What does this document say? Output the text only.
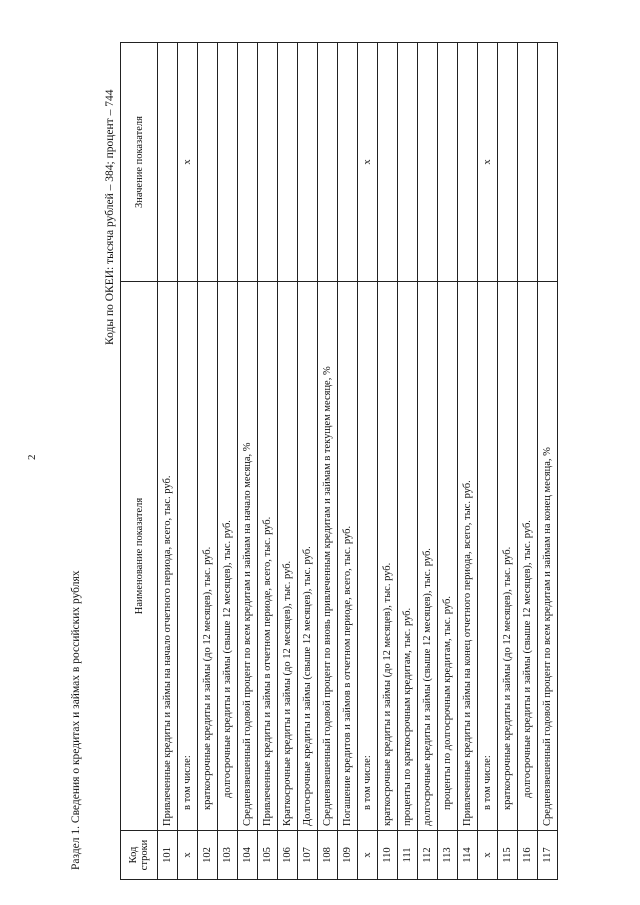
2
Раздел 1. Сведения о кредитах и займах в российских рублях
Коды по ОКЕИ: тысяча рублей – 384; процент – 744
Код строки	Наименование показателя	Значение показателя
101	Привлеченные кредиты и займы на начало отчетного периода, всего, тыс. руб.	
х	в том числе:	х
102	краткосрочные кредиты и займы (до 12 месяцев), тыс. руб.	
103	долгосрочные кредиты и займы (свыше 12 месяцев), тыс. руб.	
104	Средневзвешенный годовой процент по всем кредитам и займам на начало месяца, %	
105	Привлеченные кредиты и займы в отчетном периоде, всего, тыс. руб.	
106	Краткосрочные кредиты и займы (до 12 месяцев), тыс. руб.	
107	Долгосрочные кредиты и займы (свыше 12 месяцев), тыс. руб.	
108	Средневзвешенный годовой процент по вновь привлеченным кредитам и займам в текущем месяце, %	
109	Погашение кредитов и займов в отчетном периоде, всего, тыс. руб.	
х	в том числе:	х
110	краткосрочные кредиты и займы (до 12 месяцев), тыс. руб.	
111	проценты по краткосрочным кредитам, тыс. руб.	
112	долгосрочные кредиты и займы (свыше 12 месяцев), тыс. руб.	
113	проценты по долгосрочным кредитам, тыс. руб.	
114	Привлеченные кредиты и займы на конец отчетного периода, всего, тыс. руб.	
х	в том числе:	х
115	краткосрочные кредиты и займы (до 12 месяцев), тыс. руб.	
116	долгосрочные кредиты и займы (свыше 12 месяцев), тыс. руб.	
117	Средневзвешенный годовой процент по всем кредитам и займам на конец месяца, %	
